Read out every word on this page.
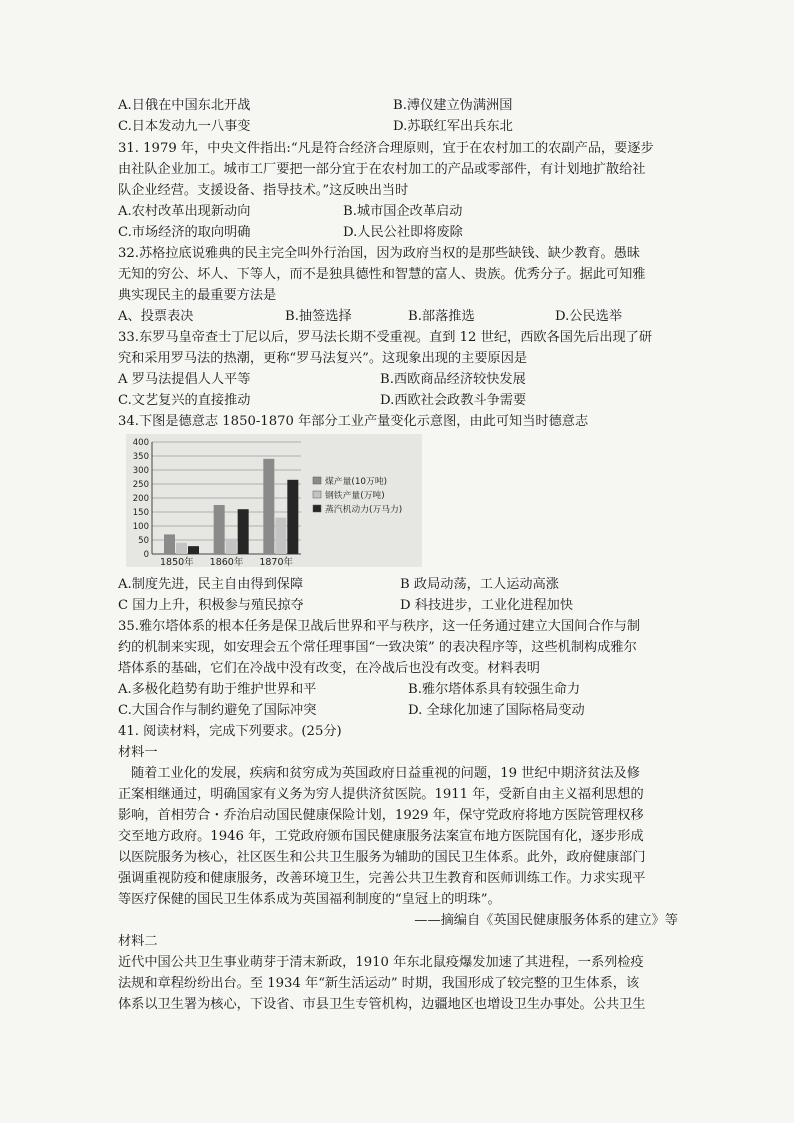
A.日俄在中国东北开战	B.溥仪建立伪满洲国
C.日本发动九一八事变	D.苏联红军出兵东北
31. 1979 年，中央文件指出:“凡是符合经济合理原则，宜于在农村加工的农副产品，要逐步
由社队企业加工。城市工厂要把一部分宜于在农村加工的产品或零部件，有计划地扩散给社
队企业经营。支援设备、指导技术。”这反映出当时
A.农村改革出现新动向	B.城市国企改革启动
C.市场经济的取向明确	D.人民公社即将废除
32.苏格拉底说雅典的民主完全叫外行治国，因为政府当权的是那些缺钱、缺少教育。愚昧
无知的穷公、坏人、下等人，而不是独具德性和智慧的富人、贵族。优秀分子。据此可知雅
典实现民主的最重要方法是
A、投票表决	B.抽签选择	B.部落推选	D.公民选举
33.东罗马皇帝查士丁尼以后，罗马法长期不受重视。直到 12 世纪，西欧各国先后出现了研
究和采用罗马法的热潮，更称“罗马法复兴”。这现象出现的主要原因是
A 罗马法提倡人人平等	B.西欧商品经济较快发展
C.文艺复兴的直接推动	D.西欧社会政教斗争需要
34.下图是德意志 1850-1870 年部分工业产量变化示意图，由此可知当时德意志
0
50
100
150
200
250
300
350
400
1850年 1860年 1870年
煤产量(10万吨)
钢铁产量(万吨)
蒸汽机动力(万马力)
A.制度先进，民主自由得到保障	B 政局动荡，工人运动高涨
C 国力上升，积极参与殖民掠夺	D 科技进步，工业化进程加快
35.雅尔塔体系的根本任务是保卫战后世界和平与秩序，这一任务通过建立大国间合作与制
约的机制来实现，如安理会五个常任理事国“一致决策” 的表决程序等，这些机制构成雅尔
塔体系的基础，它们在冷战中没有改变，在冷战后也没有改变。材料表明
A.多极化趋势有助于维护世界和平	B.雅尔塔体系具有较强生命力
C.大国合作与制约避免了国际冲突	D. 全球化加速了国际格局变动
41. 阅读材料，完成下列要求。(25分)
材料一
随着工业化的发展，疾病和贫穷成为英国政府日益重视的问题，19 世纪中期济贫法及修
正案相继通过，明确国家有义务为穷人提供济贫医院。1911 年，受新自由主义福利思想的
影响，首相劳合・乔治启动国民健康保险计划，1929 年，保守党政府将地方医院管理权移
交至地方政府。1946 年，工党政府颁布国民健康服务法案宣布地方医院国有化，逐步形成
以医院服务为核心，社区医生和公共卫生服务为辅助的国民卫生体系。此外，政府健康部门
强调重视防疫和健康服务，改善环境卫生，完善公共卫生教育和医师训练工作。力求实现平
等医疗保健的国民卫生体系成为英国福利制度的“皇冠上的明珠”。
——摘编自《英国民健康服务体系的建立》等
材料二
近代中国公共卫生事业萌芽于清末新政，1910 年东北鼠疫爆发加速了其进程，一系列检疫
法规和章程纷纷出台。至 1934 年“新生活运动” 时期，我国形成了较完整的卫生体系，该
体系以卫生署为核心，下设省、市县卫生专管机构，边疆地区也增设卫生办事处。公共卫生
